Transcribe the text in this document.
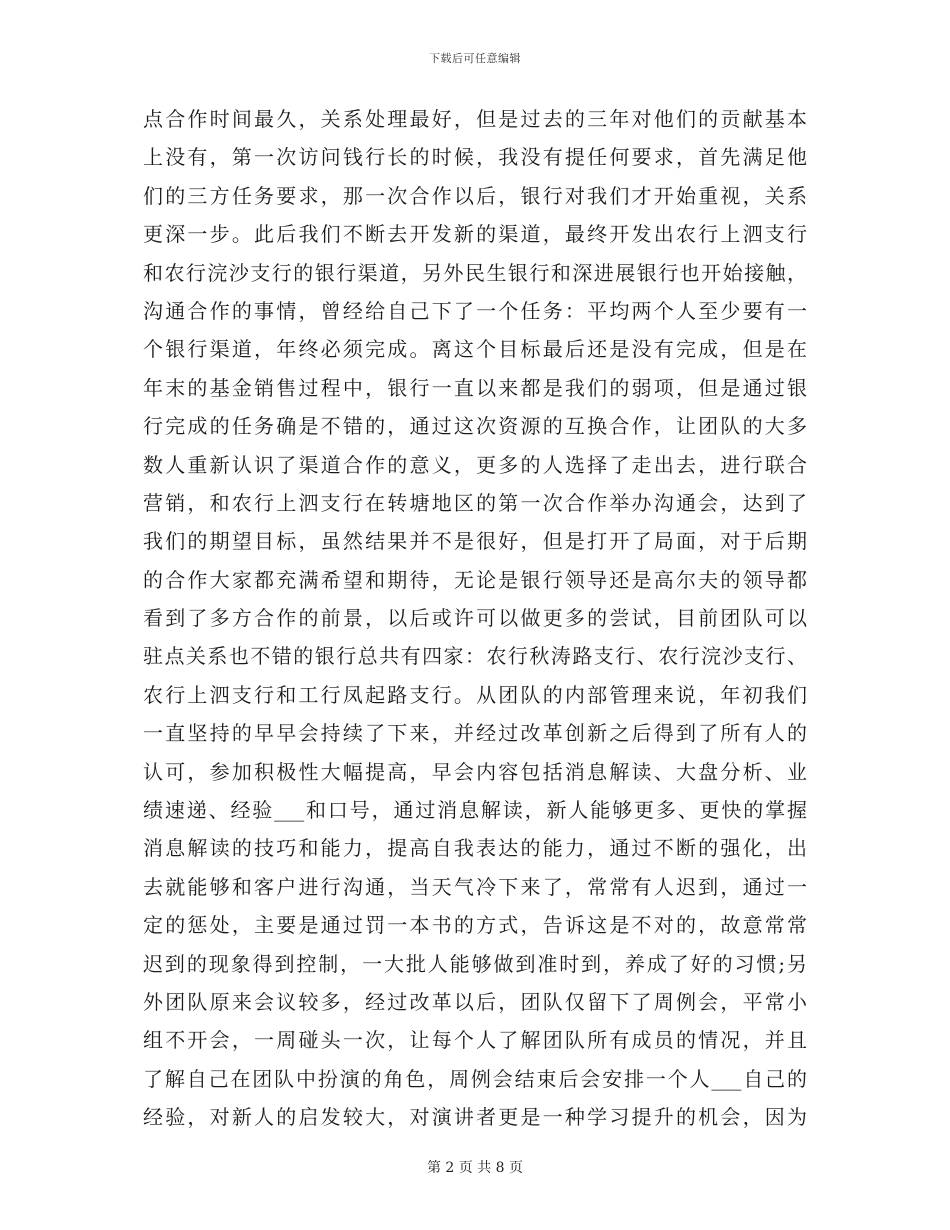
下载后可任意编辑
点合作时间最久，关系处理最好，但是过去的三年对他们的贡献基本
上没有，第一次访问钱行长的时候，我没有提任何要求，首先满足他
们的三方任务要求，那一次合作以后，银行对我们才开始重视，关系
更深一步。此后我们不断去开发新的渠道，最终开发出农行上泗支行
和农行浣沙支行的银行渠道，另外民生银行和深进展银行也开始接触，
沟通合作的事情，曾经给自己下了一个任务：平均两个人至少要有一
个银行渠道，年终必须完成。离这个目标最后还是没有完成，但是在
年末的基金销售过程中，银行一直以来都是我们的弱项，但是通过银
行完成的任务确是不错的，通过这次资源的互换合作，让团队的大多
数人重新认识了渠道合作的意义，更多的人选择了走出去，进行联合
营销，和农行上泗支行在转塘地区的第一次合作举办沟通会，达到了
我们的期望目标，虽然结果并不是很好，但是打开了局面，对于后期
的合作大家都充满希望和期待，无论是银行领导还是高尔夫的领导都
看到了多方合作的前景，以后或许可以做更多的尝试，目前团队可以
驻点关系也不错的银行总共有四家：农行秋涛路支行、农行浣沙支行、
农行上泗支行和工行凤起路支行。从团队的内部管理来说，年初我们
一直坚持的早早会持续了下来，并经过改革创新之后得到了所有人的
认可，参加积极性大幅提高，早会内容包括消息解读、大盘分析、业
绩速递、经验___和口号，通过消息解读，新人能够更多、更快的掌握
消息解读的技巧和能力，提高自我表达的能力，通过不断的强化，出
去就能够和客户进行沟通，当天气冷下来了，常常有人迟到，通过一
定的惩处，主要是通过罚一本书的方式，告诉这是不对的，故意常常
迟到的现象得到控制，一大批人能够做到准时到，养成了好的习惯;另
外团队原来会议较多，经过改革以后，团队仅留下了周例会，平常小
组不开会，一周碰头一次，让每个人了解团队所有成员的情况，并且
了解自己在团队中扮演的角色，周例会结束后会安排一个人___自己的
经验，对新人的启发较大，对演讲者更是一种学习提升的机会，因为
第 2 页 共 8 页
